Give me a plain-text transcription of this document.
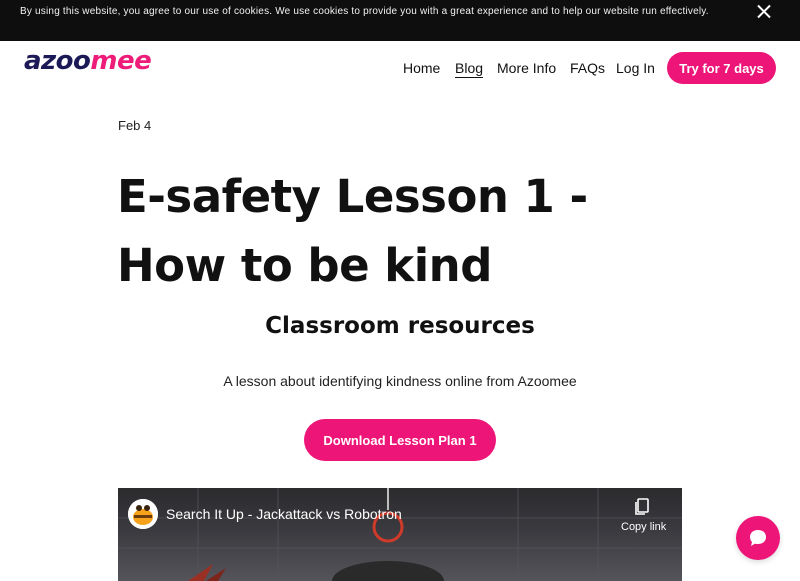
By using this website, you agree to our use of cookies. We use cookies to provide you with a great experience and to help our website run effectively.
azoomee	Home Blog More Info FAQs Log In	Try for 7 days
Feb 4
E-safety Lesson 1 - How to be kind
Classroom resources

A lesson about identifying kindness online from Azoomee

Download Lesson Plan 1
Search It Up - Jackattack vs Robotron
Copy link
